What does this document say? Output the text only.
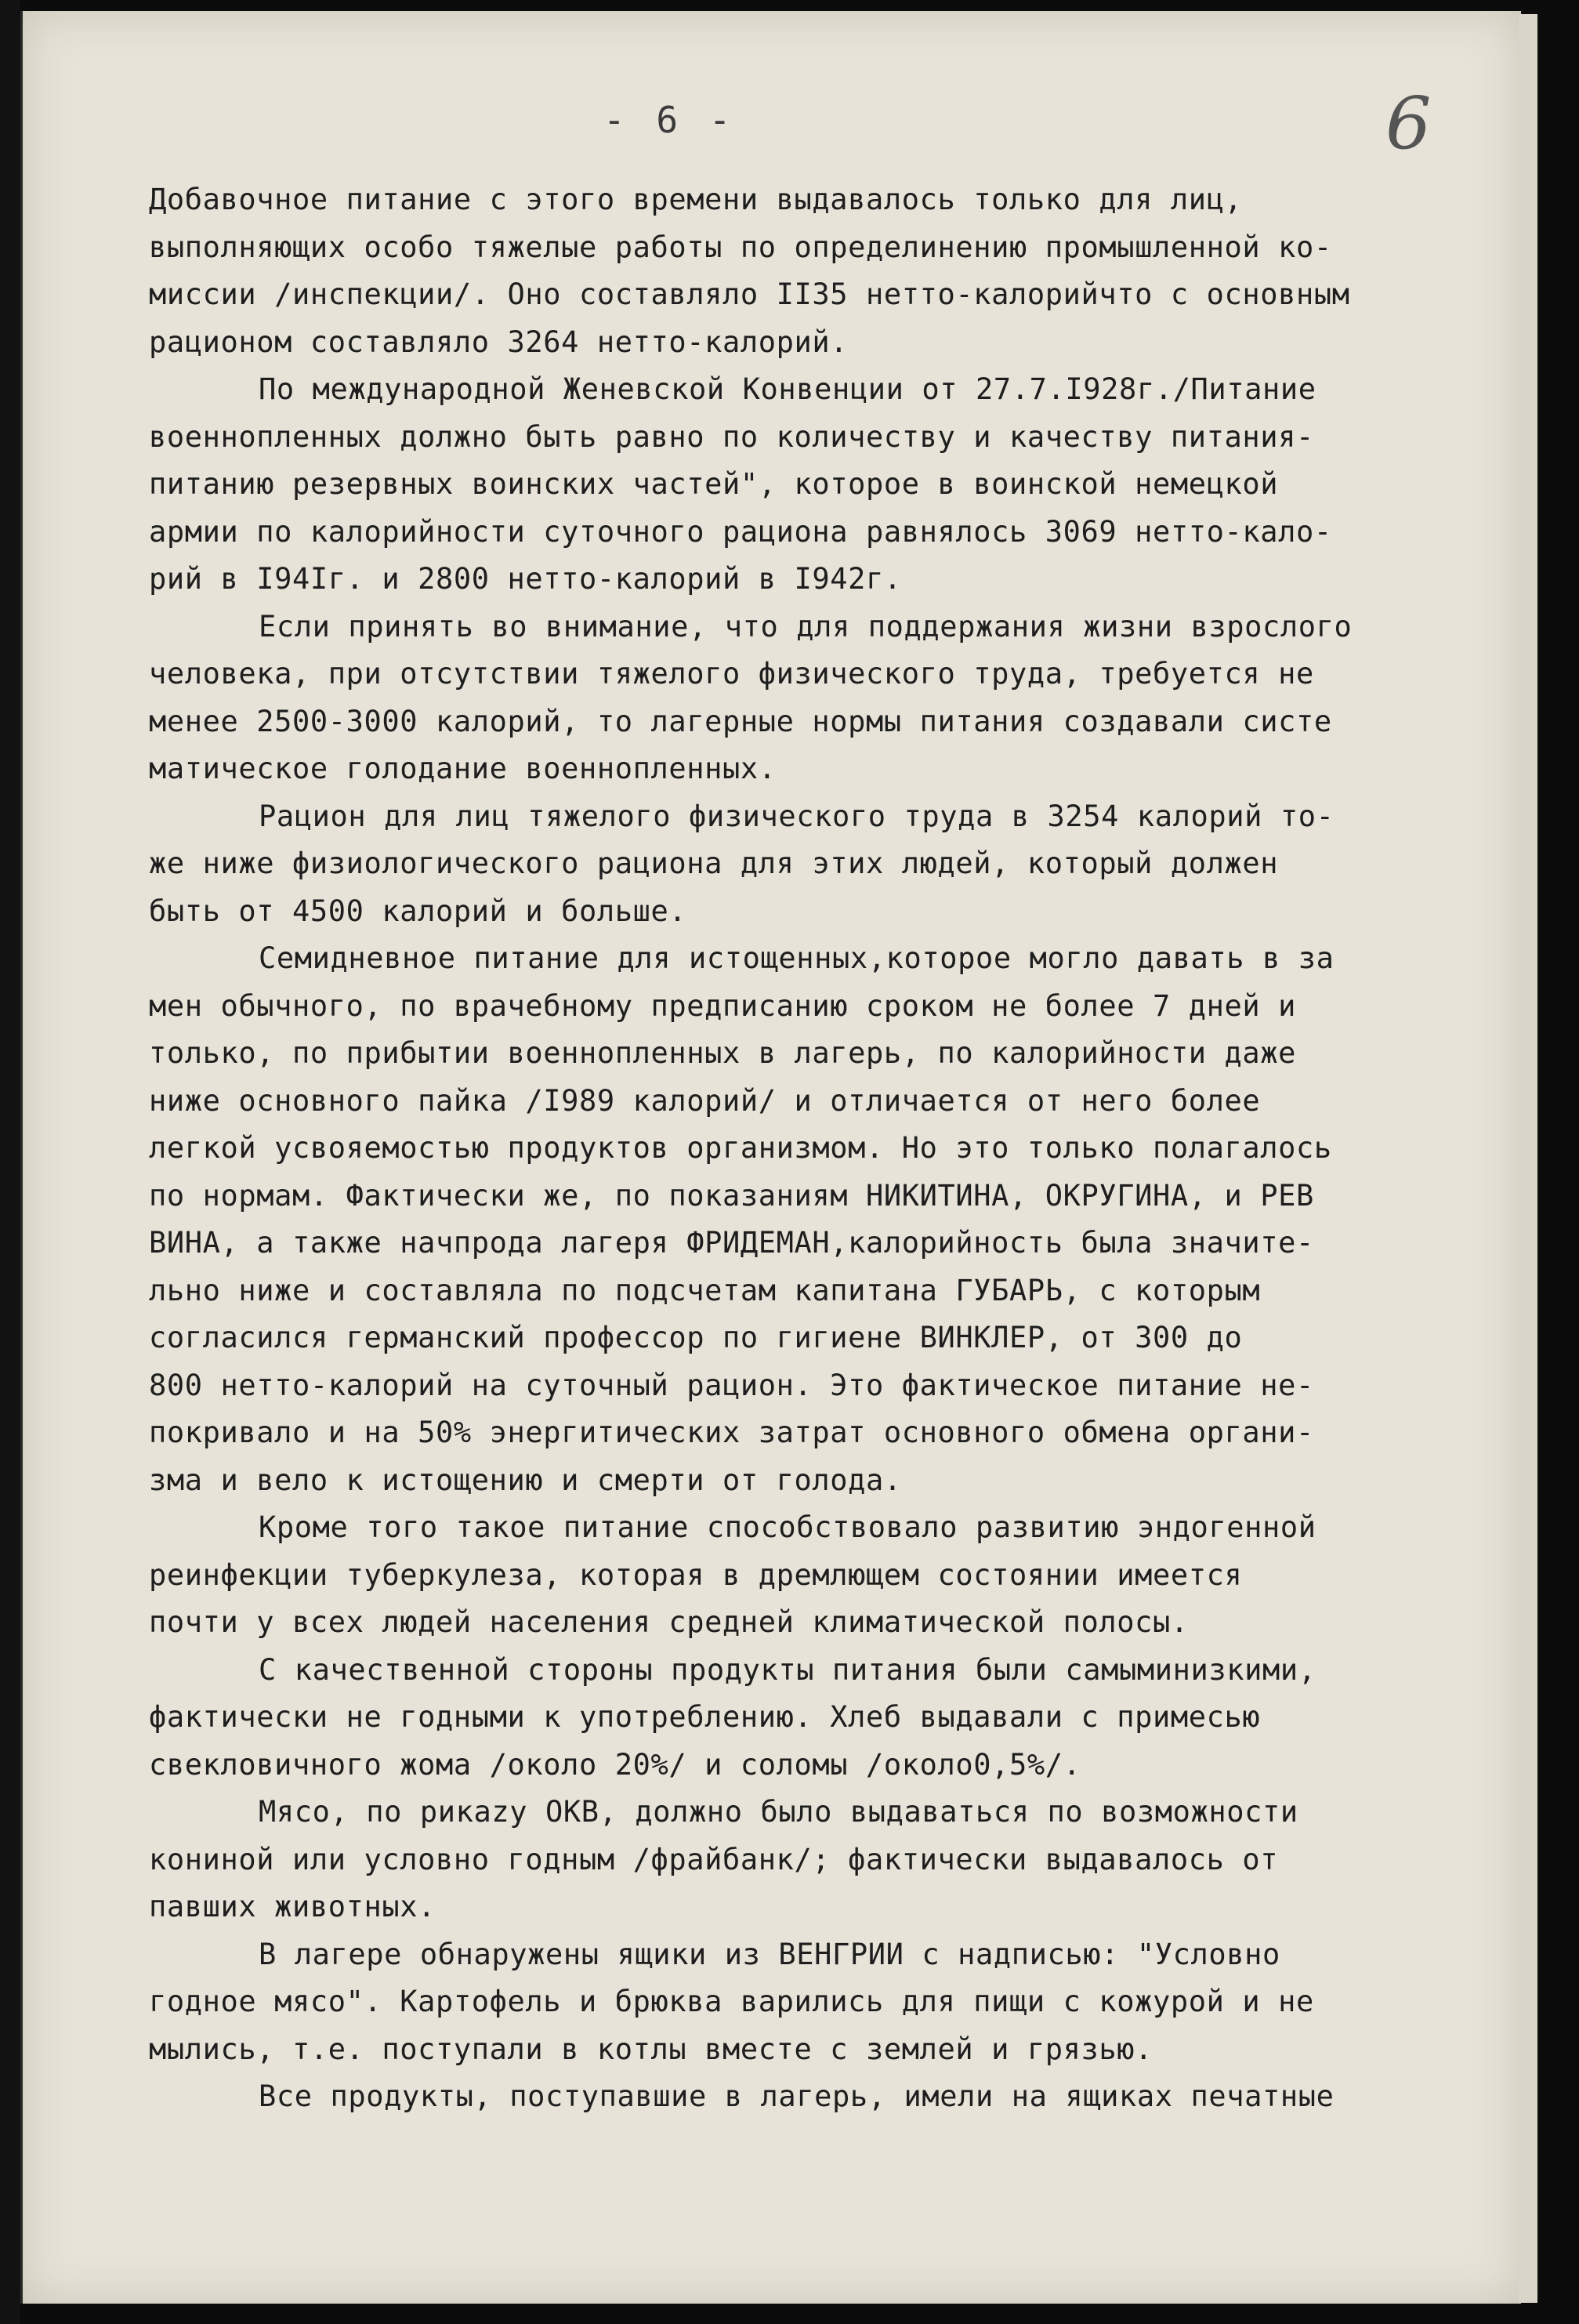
- 6 -	6
Добавочное питание с этого времени выдавалось только для лиц,
выполняющих особо тяжелые работы по определинению промышленной ко-
миссии /инспекции/. Оно составляло II35 нетто-калорийчто с основным
рационом составляло 3264 нетто-калорий.
По международной Женевской Конвенции от 27.7.I928г./Питание
военнопленных должно быть равно по количеству и качеству питания-
питанию резервных воинских частей", которое в воинской немецкой
армии по калорийности суточного рациона равнялось 3069 нетто-кало-
рий в I94Iг. и 2800 нетто-калорий в I942г.
Если принять во внимание, что для поддержания жизни взрослого
человека, при отсутствии тяжелого физического труда, требуется не
менее 2500-3000 калорий, то лагерные нормы питания создавали систе
матическое голодание военнопленных.
Рацион для лиц тяжелого физического труда в 3254 калорий то-
же ниже физиологического рациона для этих людей, который должен
быть от 4500 калорий и больше.
Семидневное питание для истощенных,которое могло давать в за
мен обычного, по врачебному предписанию сроком не более 7 дней и
только, по прибытии военнопленных в лагерь, по калорийности даже
ниже основного пайка /I989 калорий/ и отличается от него более
легкой усвояемостью продуктов организмом. Но это только полагалось
по нормам. Фактически же, по показаниям НИКИТИНА, ОКРУГИНА, и РЕВ
ВИНА, а также начпрода лагеря ФРИДЕМАН,калорийность была значите-
льно ниже и составляла по подсчетам капитана ГУБАРЬ, с которым
согласился германский профессор по гигиене ВИНКЛЕР, от 300 до
800 нетто-калорий на суточный рацион. Это фактическое питание не-
покривало и на 50% энергитических затрат основного обмена органи-
зма и вело к истощению и смерти от голода.
Кроме того такое питание способствовало развитию эндогенной
реинфекции туберкулеза, которая в дремлющем состоянии имеется
почти у всех людей населения средней климатической полосы.
С качественной стороны продукты питания были самыминизкими,
фактически не годными к употреблению. Хлеб выдавали с примесью
свекловичного жома /около 20%/ и соломы /около0,5%/.
Мясо, по рикazу ОКВ, должно было выдаваться по возможности
кониной или условно годным /фрайбанк/; фактически выдавалось от
павших животных.
В лагере обнаружены ящики из ВЕНГРИИ с надписью: "Условно
годное мясо". Картофель и брюква варились для пищи с кожурой и не
мылись, т.е. поступали в котлы вместе с землей и грязью.
Все продукты, поступавшие в лагерь, имели на ящиках печатные
